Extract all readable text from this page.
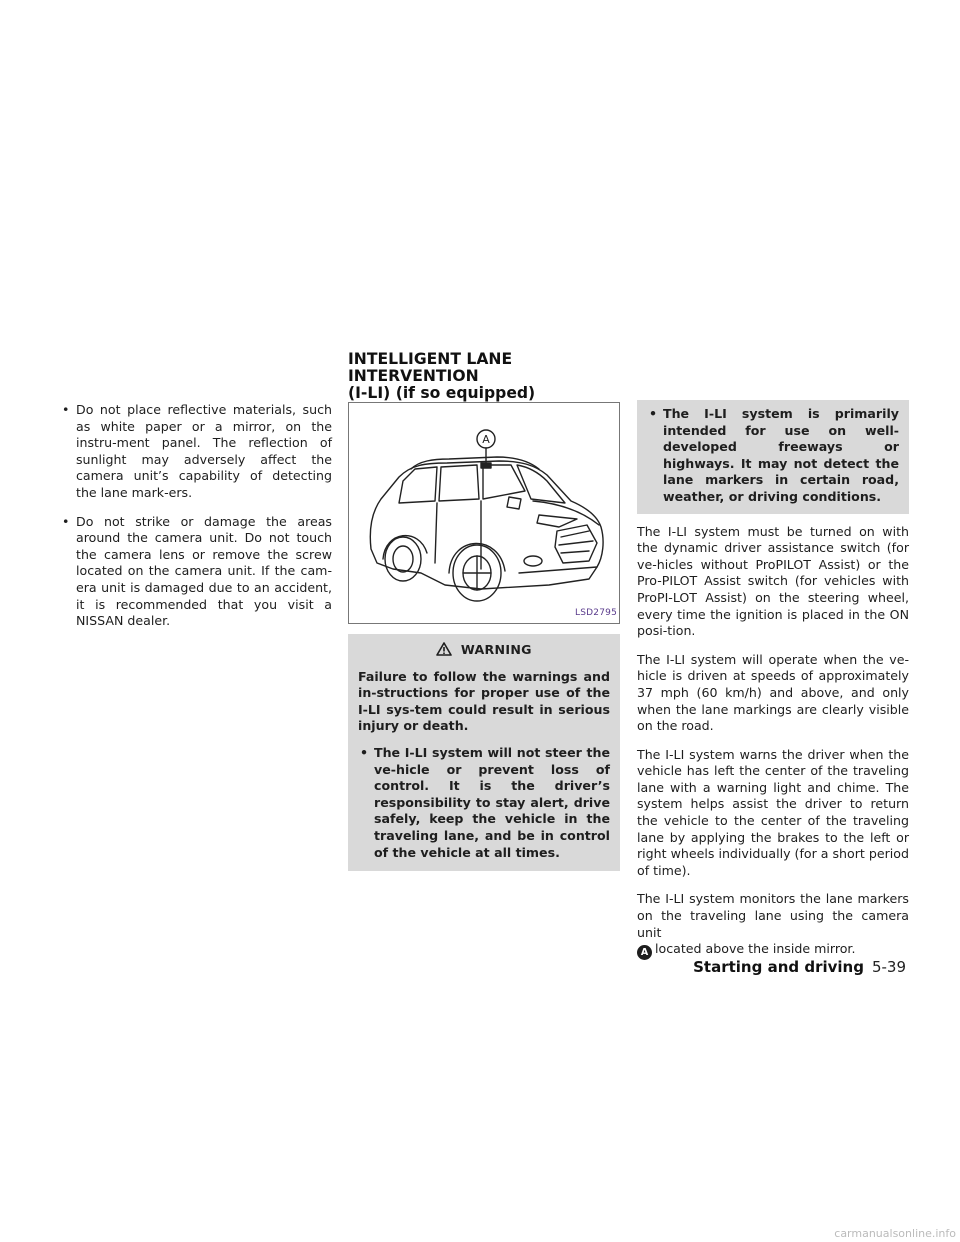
INTELLIGENT LANE INTERVENTION
(I-LI) (if so equipped)
• Do not place reflective materials, such as white paper or a mirror, on the instru-ment panel. The reflection of sunlight may adversely affect the camera unit’s capability of detecting the lane mark-ers.
• Do not strike or damage the areas around the camera unit. Do not touch the camera lens or remove the screw located on the camera unit. If the cam-era unit is damaged due to an accident, it is recommended that you visit a NISSAN dealer.
A
LSD2795
WARNING

Failure to follow the warnings and in-structions for proper use of the I-LI sys-tem could result in serious injury or death.

• The I-LI system will not steer the ve-hicle or prevent loss of control. It is the driver’s responsibility to stay alert, drive safely, keep the vehicle in the traveling lane, and be in control of the vehicle at all times.
• The I-LI system is primarily intended for use on well-developed freeways or highways. It may not detect the lane markers in certain road, weather, or driving conditions.

The I-LI system must be turned on with the dynamic driver assistance switch (for ve-hicles without ProPILOT Assist) or the Pro-PILOT Assist switch (for vehicles with ProPI-LOT Assist) on the steering wheel, every time the ignition is placed in the ON posi-tion.

The I-LI system will operate when the ve-hicle is driven at speeds of approximately 37 mph (60 km/h) and above, and only when the lane markings are clearly visible on the road.

The I-LI system warns the driver when the vehicle has left the center of the traveling lane with a warning light and chime. The system helps assist the driver to return the vehicle to the center of the traveling lane by applying the brakes to the left or right wheels individually (for a short period of time).

The I-LI system monitors the lane markers on the traveling lane using the camera unit
A located above the inside mirror.

Starting and driving 5-39
carmanualsonline.info
